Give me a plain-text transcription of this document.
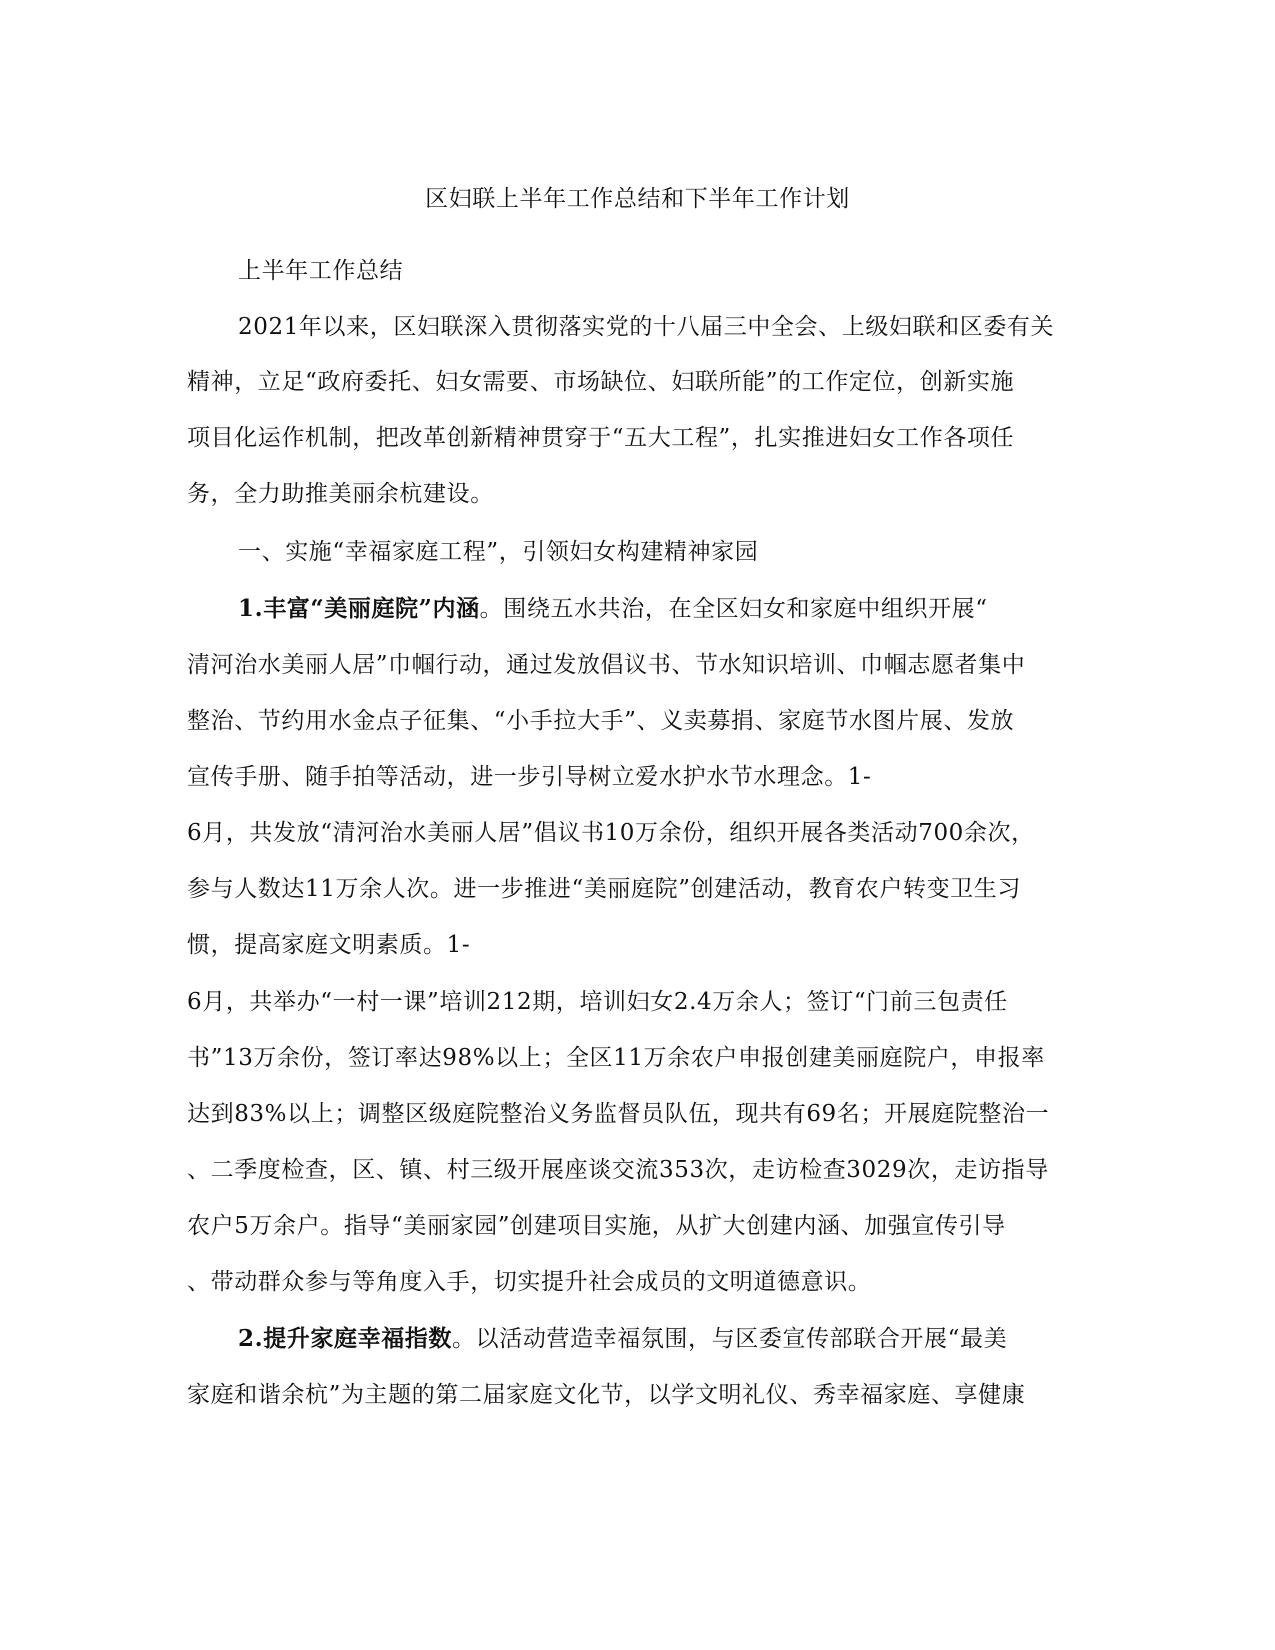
区妇联上半年工作总结和下半年工作计划
上半年工作总结
2021年以来，区妇联深入贯彻落实党的十八届三中全会、上级妇联和区委有关
精神，立足“政府委托、妇女需要、市场缺位、妇联所能”的工作定位，创新实施
项目化运作机制，把改革创新精神贯穿于“五大工程”，扎实推进妇女工作各项任
务，全力助推美丽余杭建设。
一、实施“幸福家庭工程”，引领妇女构建精神家园
1.丰富“美丽庭院”内涵。围绕五水共治，在全区妇女和家庭中组织开展“
清河治水美丽人居”巾帼行动，通过发放倡议书、节水知识培训、巾帼志愿者集中
整治、节约用水金点子征集、“小手拉大手”、义卖募捐、家庭节水图片展、发放
宣传手册、随手拍等活动，进一步引导树立爱水护水节水理念。1-
6月，共发放“清河治水美丽人居”倡议书10万余份，组织开展各类活动700余次，
参与人数达11万余人次。进一步推进“美丽庭院”创建活动，教育农户转变卫生习
惯，提高家庭文明素质。1-
6月，共举办“一村一课”培训212期，培训妇女2.4万余人；签订“门前三包责任
书”13万余份，签订率达98%以上；全区11万余农户申报创建美丽庭院户，申报率
达到83%以上；调整区级庭院整治义务监督员队伍，现共有69名；开展庭院整治一
、二季度检查，区、镇、村三级开展座谈交流353次，走访检查3029次，走访指导
农户5万余户。指导“美丽家园”创建项目实施，从扩大创建内涵、加强宣传引导
、带动群众参与等角度入手，切实提升社会成员的文明道德意识。
2.提升家庭幸福指数。以活动营造幸福氛围，与区委宣传部联合开展“最美
家庭和谐余杭”为主题的第二届家庭文化节，以学文明礼仪、秀幸福家庭、享健康
